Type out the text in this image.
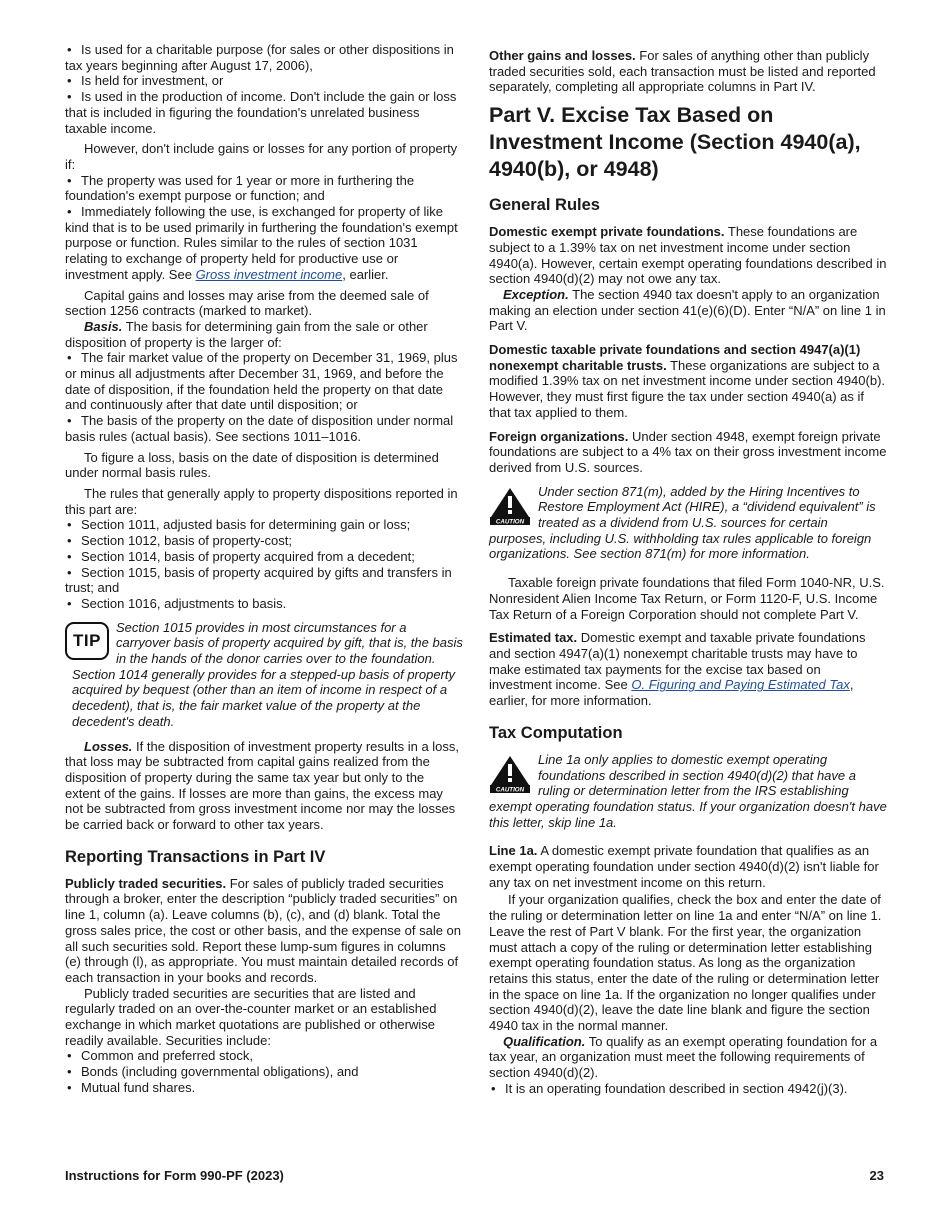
• Is used for a charitable purpose (for sales or other dispositions in tax years beginning after August 17, 2006),

• Is held for investment, or

• Is used in the production of income. Don't include the gain or loss that is included in figuring the foundation's unrelated business taxable income.

However, don't include gains or losses for any portion of property if:

• The property was used for 1 year or more in furthering the foundation's exempt purpose or function; and

• Immediately following the use, is exchanged for property of like kind that is to be used primarily in furthering the foundation's exempt purpose or function. Rules similar to the rules of section 1031 relating to exchange of property held for productive use or investment apply. See Gross investment income, earlier.

Capital gains and losses may arise from the deemed sale of section 1256 contracts (marked to market).

Basis. The basis for determining gain from the sale or other disposition of property is the larger of:

• The fair market value of the property on December 31, 1969, plus or minus all adjustments after December 31, 1969, and before the date of disposition, if the foundation held the property on that date and continuously after that date until disposition; or

• The basis of the property on the date of disposition under normal basis rules (actual basis). See sections 1011–1016.

To figure a loss, basis on the date of disposition is determined under normal basis rules.

The rules that generally apply to property dispositions reported in this part are:

• Section 1011, adjusted basis for determining gain or loss;

• Section 1012, basis of property-cost;

• Section 1014, basis of property acquired from a decedent;

• Section 1015, basis of property acquired by gifts and transfers in trust; and

• Section 1016, adjustments to basis.

TIP

Section 1015 provides in most circumstances for a carryover basis of property acquired by gift, that is, the basis in the hands of the donor carries over to the foundation. Section 1014 generally provides for a stepped-up basis of property acquired by bequest (other than an item of income in respect of a decedent), that is, the fair market value of the property at the decedent's death.

Losses. If the disposition of investment property results in a loss, that loss may be subtracted from capital gains realized from the disposition of property during the same tax year but only to the extent of the gains. If losses are more than gains, the excess may not be subtracted from gross investment income nor may the losses be carried back or forward to other tax years.

Reporting Transactions in Part IV

Publicly traded securities. For sales of publicly traded securities through a broker, enter the description “publicly traded securities” on line 1, column (a). Leave columns (b), (c), and (d) blank. Total the gross sales price, the cost or other basis, and the expense of sale on all such securities sold. Report these lump-sum figures in columns (e) through (l), as appropriate. You must maintain detailed records of each transaction in your books and records.

Publicly traded securities are securities that are listed and regularly traded on an over-the-counter market or an established exchange in which market quotations are published or otherwise readily available. Securities include:

• Common and preferred stock,

• Bonds (including governmental obligations), and

• Mutual fund shares.

Other gains and losses. For sales of anything other than publicly traded securities sold, each transaction must be listed and reported separately, completing all appropriate columns in Part IV.

Part V. Excise Tax Based on Investment Income (Section 4940(a), 4940(b), or 4948)
General Rules

Domestic exempt private foundations. These foundations are subject to a 1.39% tax on net investment income under section 4940(a). However, certain exempt operating foundations described in section 4940(d)(2) may not owe any tax.

Exception. The section 4940 tax doesn't apply to an organization making an election under section 41(e)(6)(D). Enter “N/A” on line 1 in Part V.

Domestic taxable private foundations and section 4947(a)(1) nonexempt charitable trusts. These organizations are subject to a modified 1.39% tax on net investment income under section 4940(b). However, they must first figure the tax under section 4940(a) as if that tax applied to them.

Foreign organizations. Under section 4948, exempt foreign private foundations are subject to a 4% tax on their gross investment income derived from U.S. sources.

CAUTION

Under section 871(m), added by the Hiring Incentives to Restore Employment Act (HIRE), a “dividend equivalent” is treated as a dividend from U.S. sources for certain purposes, including U.S. withholding tax rules applicable to foreign organizations. See section 871(m) for more information.

Taxable foreign private foundations that filed Form 1040-NR, U.S. Nonresident Alien Income Tax Return, or Form 1120-F, U.S. Income Tax Return of a Foreign Corporation should not complete Part V.

Estimated tax. Domestic exempt and taxable private foundations and section 4947(a)(1) nonexempt charitable trusts may have to make estimated tax payments for the excise tax based on investment income. See O. Figuring and Paying Estimated Tax, earlier, for more information.

Tax Computation
CAUTION

Line 1a only applies to domestic exempt operating foundations described in section 4940(d)(2) that have a ruling or determination letter from the IRS establishing exempt operating foundation status. If your organization doesn't have this letter, skip line 1a.

Line 1a. A domestic exempt private foundation that qualifies as an exempt operating foundation under section 4940(d)(2) isn't liable for any tax on net investment income on this return.

If your organization qualifies, check the box and enter the date of the ruling or determination letter on line 1a and enter “N/A” on line 1. Leave the rest of Part V blank. For the first year, the organization must attach a copy of the ruling or determination letter establishing exempt operating foundation status. As long as the organization retains this status, enter the date of the ruling or determination letter in the space on line 1a. If the organization no longer qualifies under section 4940(d)(2), leave the date line blank and figure the section 4940 tax in the normal manner.

Qualification. To qualify as an exempt operating foundation for a tax year, an organization must meet the following requirements of section 4940(d)(2).

• It is an operating foundation described in section 4942(j)(3).

Instructions for Form 990-PF (2023)	23
